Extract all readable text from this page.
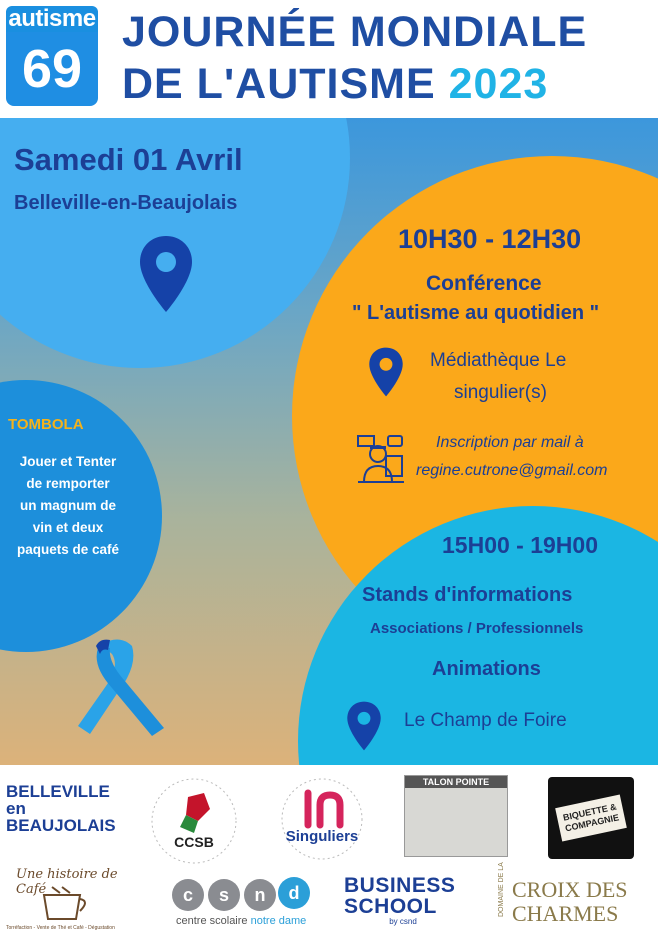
autisme
69
JOURNÉE MONDIALE
DE L'AUTISME 2023
Samedi 01 Avril
Belleville-en-Beaujolais
10H30 - 12H30
Conférence
" L'autisme au quotidien "
Médiathèque Le
singulier(s)
Inscription par mail à
regine.cutrone@gmail.com
TOMBOLA
Jouer et Tenter
de remporter
un magnum de
vin et deux
paquets de café	15H00 - 19H00
Stands d'informations
Associations / Professionnels
Animations
Le Champ de Foire
BELLEVILLE
en
BEAUJOLAIS
CCSB	Singuliers
TALON POINTE
BIQUETTE & COMPAGNIE
Une histoire de Café
Torréfaction - Vente de Thé et Café - Dégustation
c s n d
centre scolaire notre dame
BUSINESS
SCHOOL
by csnd
DOMAINE DE LA CROIX DES
CHARMES
